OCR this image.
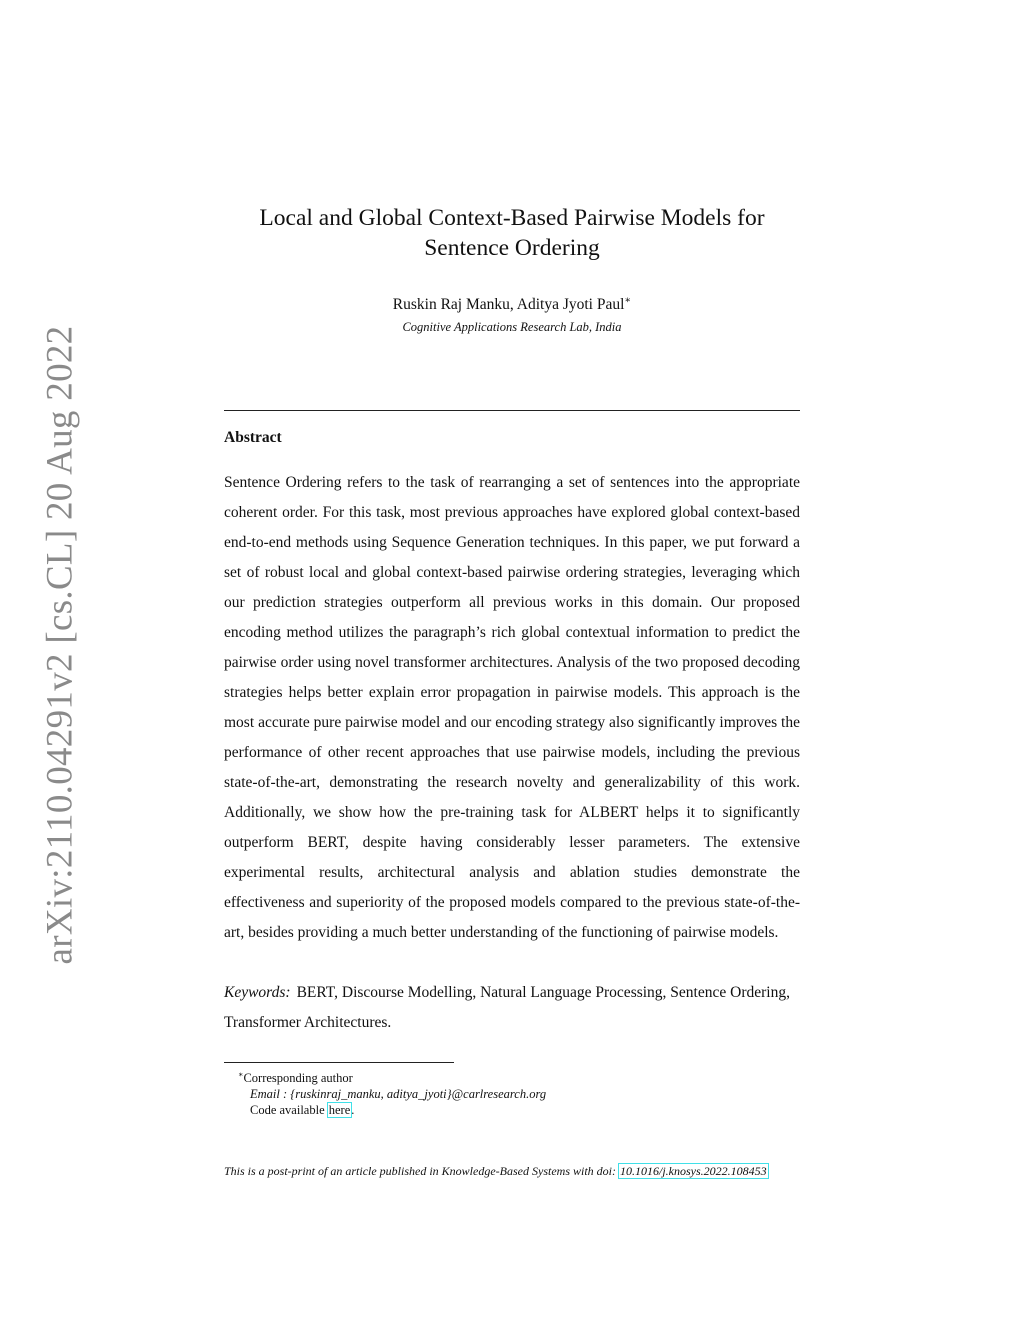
arXiv:2110.04291v2 [cs.CL] 20 Aug 2022
Local and Global Context-Based Pairwise Models for
Sentence Ordering
Ruskin Raj Manku, Aditya Jyoti Paul∗
Cognitive Applications Research Lab, India
Abstract

Sentence Ordering refers to the task of rearranging a set of sentences into the appropriate coherent order. For this task, most previous approaches have explored global context-based end-to-end methods using Sequence Generation techniques. In this paper, we put forward a set of robust local and global context-based pairwise ordering strategies, leveraging which our prediction strategies outperform all previous works in this domain. Our proposed encoding method utilizes the paragraph’s rich global contextual information to predict the pairwise order using novel transformer architectures. Analysis of the two proposed decoding strategies helps better explain error propagation in pairwise models. This approach is the most accurate pure pairwise model and our encoding strategy also significantly improves the performance of other recent approaches that use pairwise models, including the previous state-of-the-art, demonstrating the research novelty and generalizability of this work. Additionally, we show how the pre-training task for ALBERT helps it to significantly outperform BERT, despite having considerably lesser parameters. The extensive experimental results, architectural analysis and ablation studies demonstrate the effectiveness and superiority of the proposed models compared to the previous state-of-the-art, besides providing a much better understanding of the functioning of pairwise models.

Keywords: BERT, Discourse Modelling, Natural Language Processing, Sentence Ordering, Transformer Architectures.

∗Corresponding author
Email : {ruskinraj_manku, aditya_jyoti}@carlresearch.org
Code available here.
This is a post-print of an article published in Knowledge-Based Systems with doi: 10.1016/j.knosys.2022.108453
